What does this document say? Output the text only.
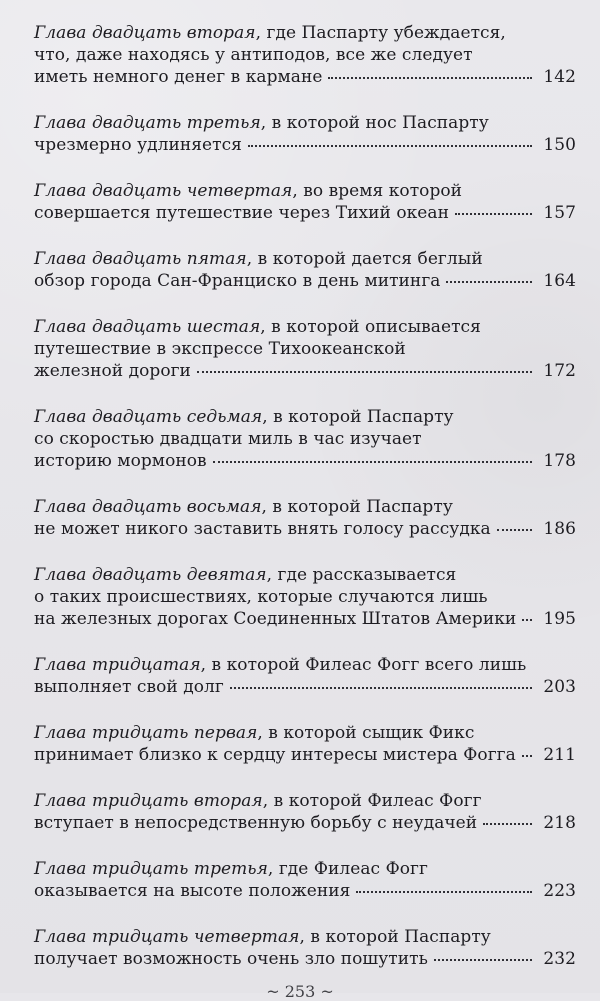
Глава двадцать вторая, где Паспарту убеждается,
что, даже находясь у антиподов, все же следует
иметь немного денег в кармане	142
Глава двадцать третья, в которой нос Паспарту
чрезмерно удлиняется	150
Глава двадцать четвертая, во время которой
совершается путешествие через Тихий океан	157
Глава двадцать пятая, в которой дается беглый
обзор города Сан-Франциско в день митинга	164
Глава двадцать шестая, в которой описывается
путешествие в экспрессе Тихоокеанской
железной дороги	172
Глава двадцать седьмая, в которой Паспарту
со скоростью двадцати миль в час изучает
историю мормонов	178
Глава двадцать восьмая, в которой Паспарту
не может никого заставить внять голосу рассудка	186
Глава двадцать девятая, где рассказывается
о таких происшествиях, которые случаются лишь
на железных дорогах Соединенных Штатов Америки	195
Глава тридцатая, в которой Филеас Фогг всего лишь
выполняет свой долг	203
Глава тридцать первая, в которой сыщик Фикс
принимает близко к сердцу интересы мистера Фогга	211
Глава тридцать вторая, в которой Филеас Фогг
вступает в непосредственную борьбу с неудачей	218
Глава тридцать третья, где Филеас Фогг
оказывается на высоте положения	223
Глава тридцать четвертая, в которой Паспарту
получает возможность очень зло пошутить	232
~ 253 ~
